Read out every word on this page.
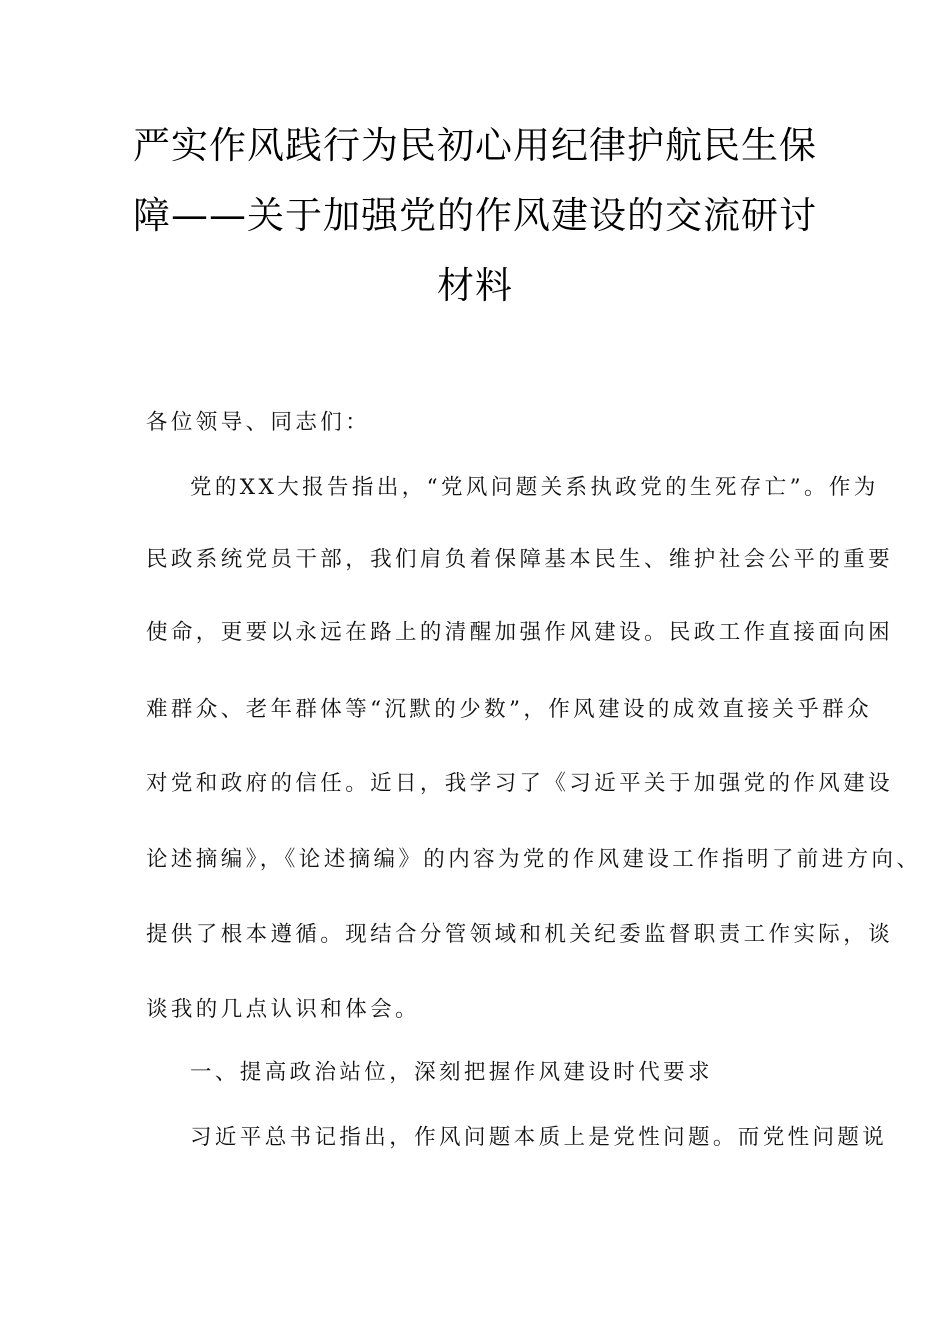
严实作风践行为民初心用纪律护航民生保
障——关于加强党的作风建设的交流研讨
材料
各位领导、同志们：
党的XX大报告指出，“党风问题关系执政党的生死存亡”。作为
民政系统党员干部，我们肩负着保障基本民生、维护社会公平的重要
使命，更要以永远在路上的清醒加强作风建设。民政工作直接面向困
难群众、老年群体等“沉默的少数”，作风建设的成效直接关乎群众
对党和政府的信任。近日，我学习了《习近平关于加强党的作风建设
论述摘编》，《论述摘编》的内容为党的作风建设工作指明了前进方向、
提供了根本遵循。现结合分管领域和机关纪委监督职责工作实际，谈
谈我的几点认识和体会。
一、提高政治站位，深刻把握作风建设时代要求
习近平总书记指出，作风问题本质上是党性问题。而党性问题说
